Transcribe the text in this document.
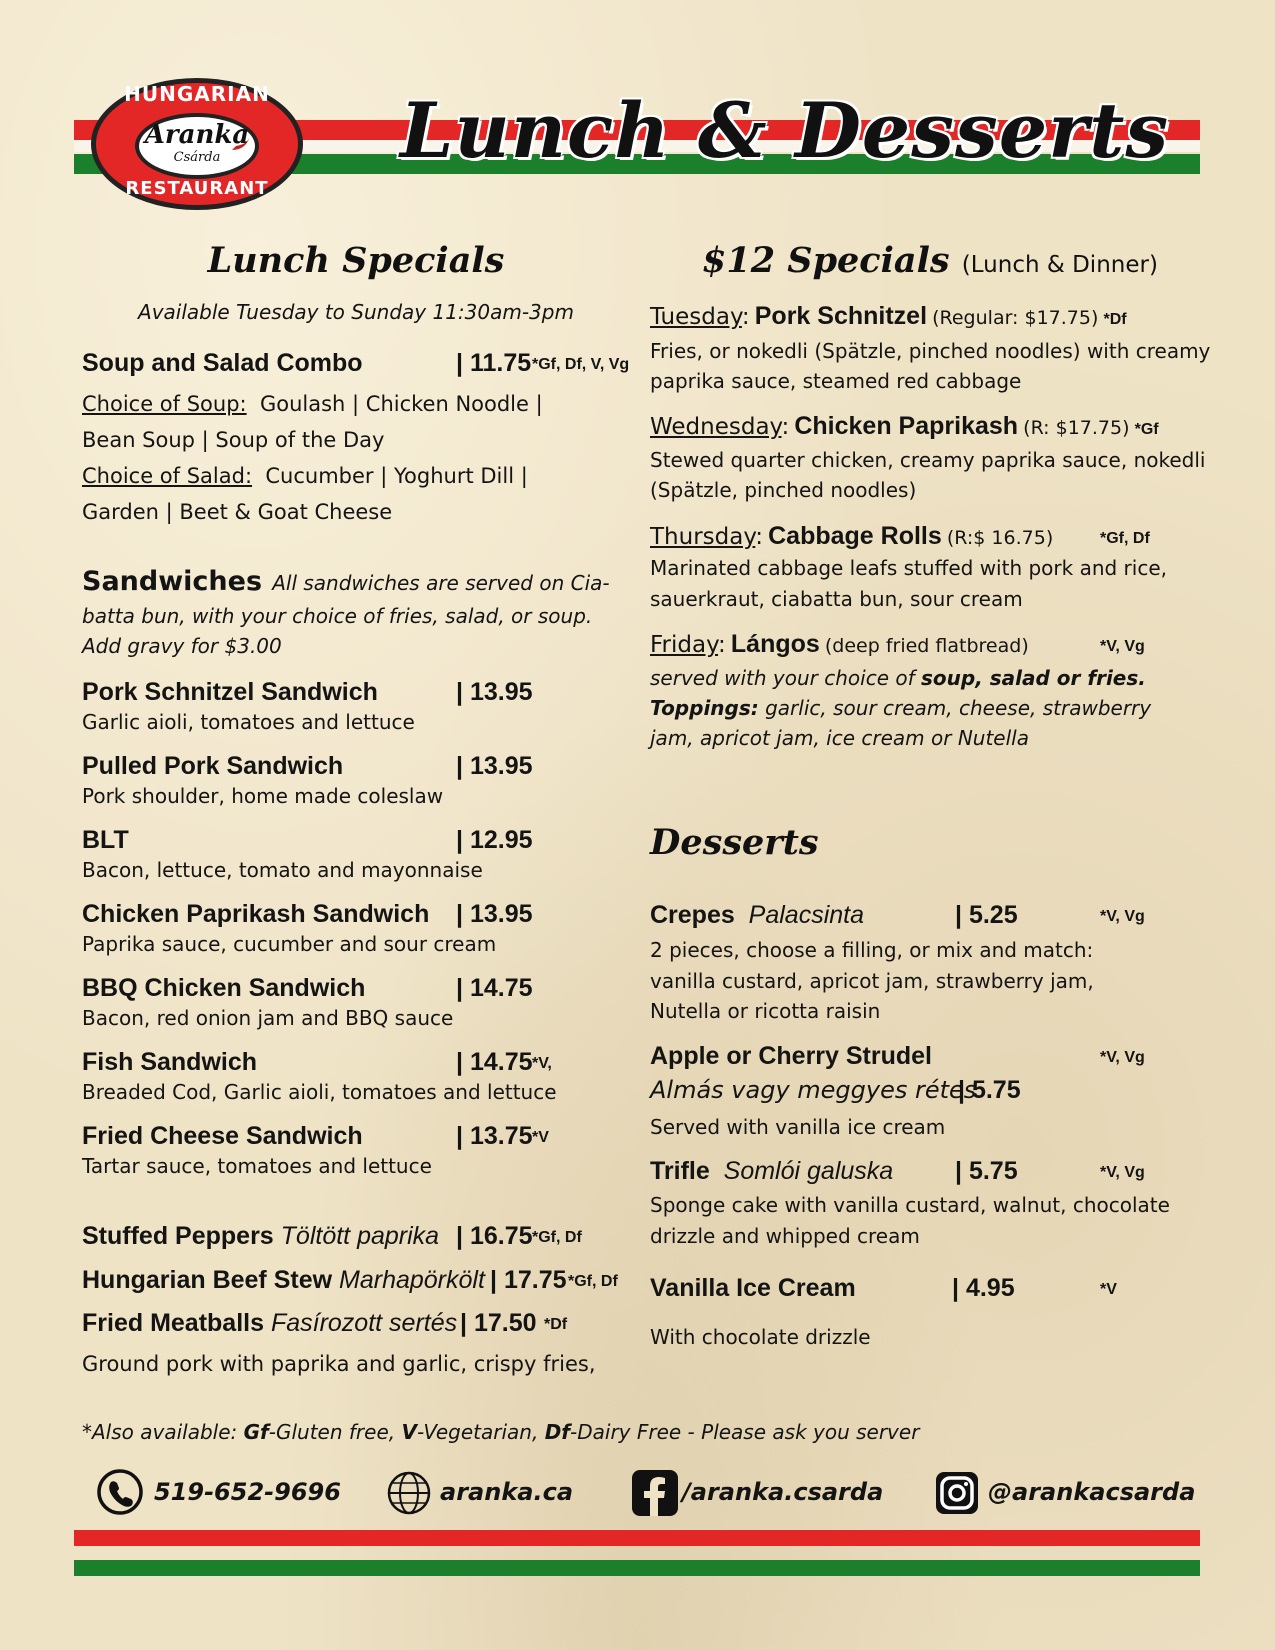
HUNGARIAN
Aranka
Csárda
RESTAURANT
Lunch & Desserts
Lunch Specials
Available Tuesday to Sunday 11:30am-3pm
Soup and Salad Combo	| 11.75 *Gf, Df, V, Vg
Choice of Soup: Goulash | Chicken Noodle |
Bean Soup | Soup of the Day
Choice of Salad: Cucumber | Yoghurt Dill |
Garden | Beet & Goat Cheese
Sandwiches All sandwiches are served on Cia-
batta bun, with your choice of fries, salad, or soup.
Add gravy for $3.00
Pork Schnitzel Sandwich
Garlic aioli, tomatoes and lettuce
| 13.95
Pulled Pork Sandwich
Pork shoulder, home made coleslaw
| 13.95
BLT
Bacon, lettuce, tomato and mayonnaise
| 12.95
Chicken Paprikash Sandwich
Paprika sauce, cucumber and sour cream
| 13.95
BBQ Chicken Sandwich
Bacon, red onion jam and BBQ sauce
| 14.75
Fish Sandwich
Breaded Cod, Garlic aioli, tomatoes and lettuce
| 14.75 *V,
Fried Cheese Sandwich
Tartar sauce, tomatoes and lettuce
| 13.75 *V
Stuffed Peppers Töltött paprika | 16.75 *Gf, Df
Hungarian Beef Stew Marhapörkölt | 17.75 *Gf, Df
Fried Meatballs Fasírozott sertés | 17.50 *Df
Ground pork with paprika and garlic, crispy fries,
$12 Specials (Lunch & Dinner)
Tuesday: Pork Schnitzel (Regular: $17.75) *Df
Fries, or nokedli (Spätzle, pinched noodles) with creamy
paprika sauce, steamed red cabbage
Wednesday: Chicken Paprikash (R: $17.75) *Gf
Stewed quarter chicken, creamy paprika sauce, nokedli
(Spätzle, pinched noodles)
Thursday: Cabbage Rolls (R:$ 16.75)	*Gf, Df
Marinated cabbage leafs stuffed with pork and rice,
sauerkraut, ciabatta bun, sour cream
Friday: Lángos (deep fried flatbread)	*V, Vg
served with your choice of soup, salad or fries.
Toppings: garlic, sour cream, cheese, strawberry
jam, apricot jam, ice cream or Nutella
Desserts
Crepes Palacsinta	| 5.25	*V, Vg
2 pieces, choose a filling, or mix and match:
vanilla custard, apricot jam, strawberry jam,
Nutella or ricotta raisin
Apple or Cherry Strudel	*V, Vg
Almás vagy meggyes rétes
| 5.75
Served with vanilla ice cream
Trifle Somlói galuska | 5.75	*V, Vg
Sponge cake with vanilla custard, walnut, chocolate
drizzle and whipped cream
Vanilla Ice Cream	| 4.95	*V
With chocolate drizzle
*Also available: Gf-Gluten free, V-Vegetarian, Df-Dairy Free - Please ask you server
519-652-9696	aranka.ca	/aranka.csarda	@arankacsarda
